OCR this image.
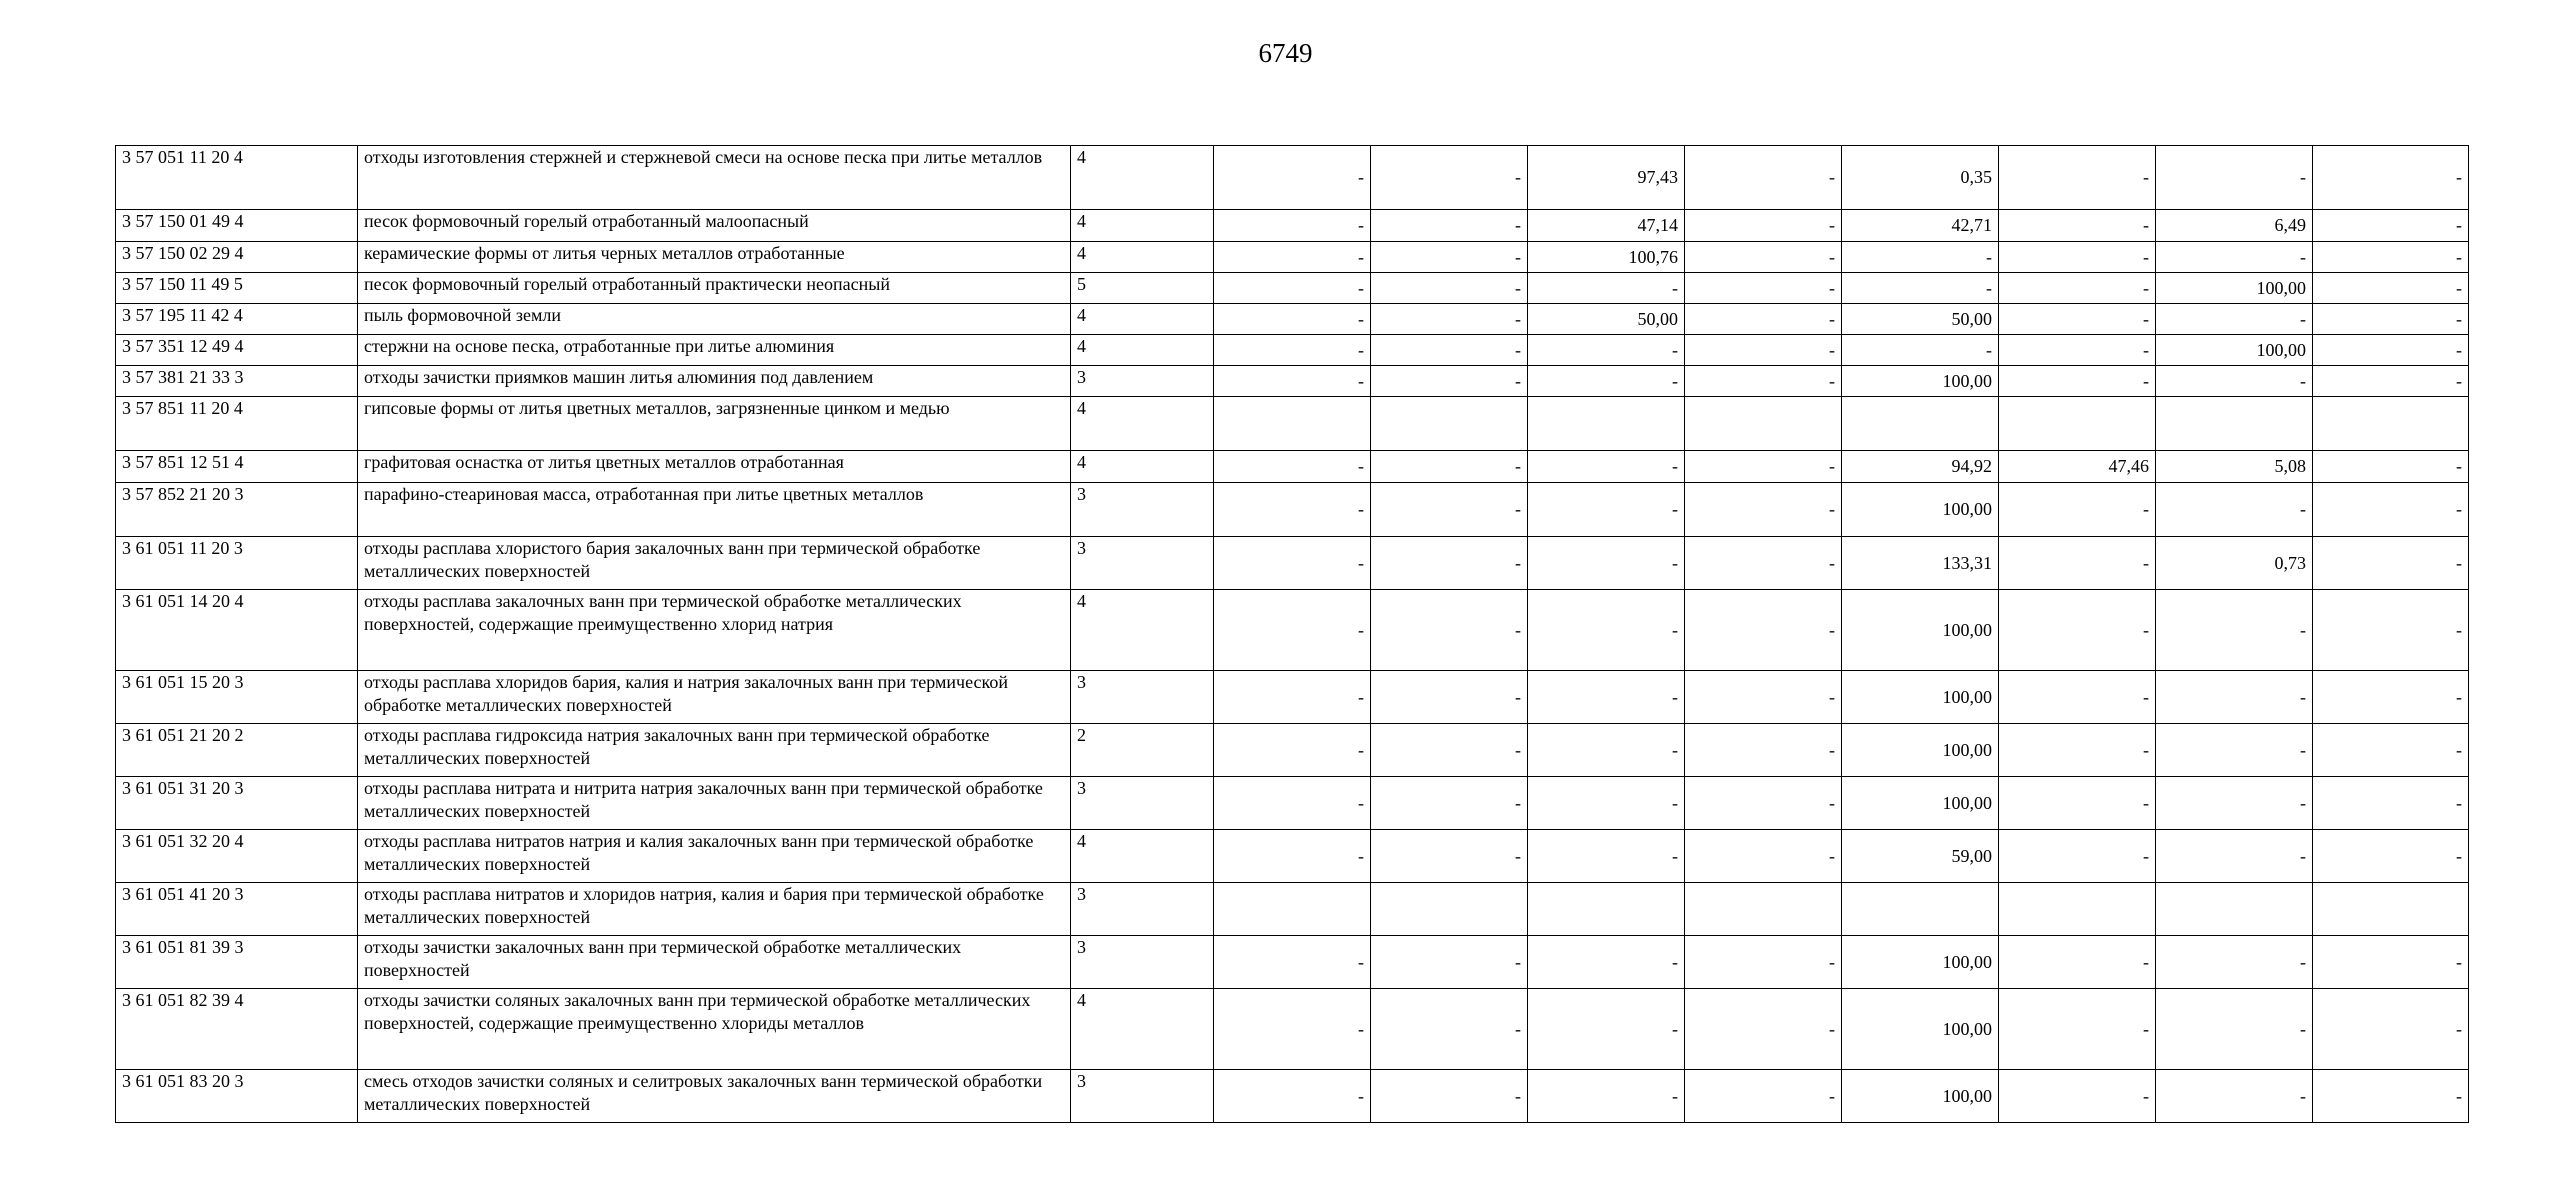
6749
3 57 051 11 20 4	отходы изготовления стержней и стержневой смеси на основе песка при литье металлов	4	-	-	97,43	-	0,35	-	-	-
3 57 150 01 49 4	песок формовочный горелый отработанный малоопасный	4	-	-	47,14	-	42,71	-	6,49	-
3 57 150 02 29 4	керамические формы от литья черных металлов отработанные	4	-	-	100,76	-	-	-	-	-
3 57 150 11 49 5	песок формовочный горелый отработанный практически неопасный	5	-	-	-	-	-	-	100,00	-
3 57 195 11 42 4	пыль формовочной земли	4	-	-	50,00	-	50,00	-	-	-
3 57 351 12 49 4	стержни на основе песка, отработанные при литье алюминия	4	-	-	-	-	-	-	100,00	-
3 57 381 21 33 3	отходы зачистки приямков машин литья алюминия под давлением	3	-	-	-	-	100,00	-	-	-
3 57 851 11 20 4	гипсовые формы от литья цветных металлов, загрязненные цинком и медью	4								
3 57 851 12 51 4	графитовая оснастка от литья цветных металлов отработанная	4	-	-	-	-	94,92	47,46	5,08	-
3 57 852 21 20 3	парафино-стеариновая масса, отработанная при литье цветных металлов	3	-	-	-	-	100,00	-	-	-
3 61 051 11 20 3	отходы расплава хлористого бария закалочных ванн при термической обработке металлических поверхностей	3	-	-	-	-	133,31	-	0,73	-
3 61 051 14 20 4	отходы расплава закалочных ванн при термической обработке металлических поверхностей, содержащие преимущественно хлорид натрия	4	-	-	-	-	100,00	-	-	-
3 61 051 15 20 3	отходы расплава хлоридов бария, калия и натрия закалочных ванн при термической обработке металлических поверхностей	3	-	-	-	-	100,00	-	-	-
3 61 051 21 20 2	отходы расплава гидроксида натрия закалочных ванн при термической обработке металлических поверхностей	2	-	-	-	-	100,00	-	-	-
3 61 051 31 20 3	отходы расплава нитрата и нитрита натрия закалочных ванн при термической обработке металлических поверхностей	3	-	-	-	-	100,00	-	-	-
3 61 051 32 20 4	отходы расплава нитратов натрия и калия закалочных ванн при термической обработке металлических поверхностей	4	-	-	-	-	59,00	-	-	-
3 61 051 41 20 3	отходы расплава нитратов и хлоридов натрия, калия и бария при термической обработке металлических поверхностей	3								
3 61 051 81 39 3	отходы зачистки закалочных ванн при термической обработке металлических поверхностей	3	-	-	-	-	100,00	-	-	-
3 61 051 82 39 4	отходы зачистки соляных закалочных ванн при термической обработке металлических поверхностей, содержащие преимущественно хлориды металлов	4	-	-	-	-	100,00	-	-	-
3 61 051 83 20 3	смесь отходов зачистки соляных и селитровых закалочных ванн термической обработки металлических поверхностей	3	-	-	-	-	100,00	-	-	-
